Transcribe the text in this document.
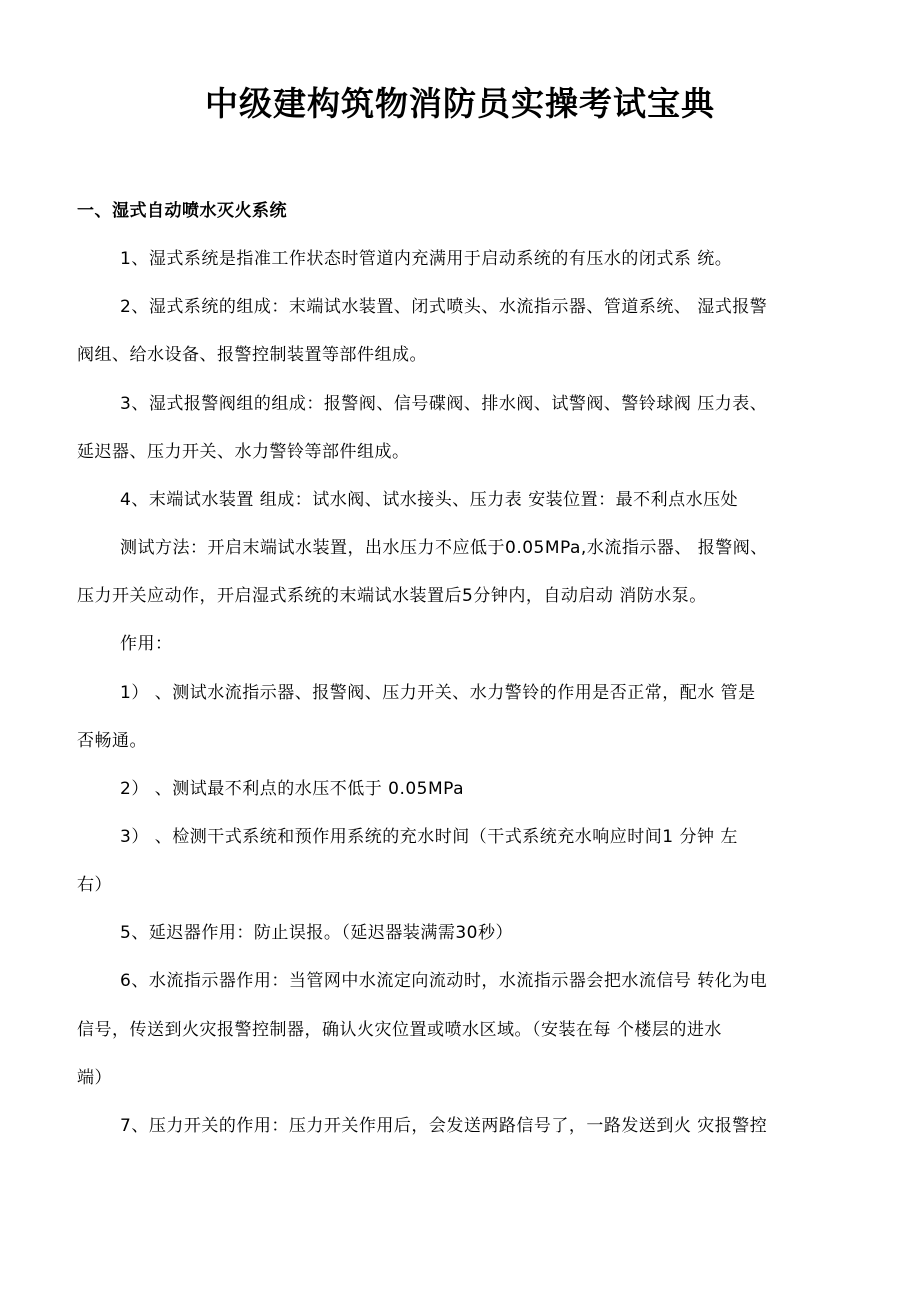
中级建构筑物消防员实操考试宝典
一、湿式自动喷水灭火系统
1、湿式系统是指准工作状态时管道内充满用于启动系统的有压水的闭式系 统。
2、湿式系统的组成：末端试水装置、闭式喷头、水流指示器、管道系统、 湿式报警
阀组、给水设备、报警控制装置等部件组成。
3、湿式报警阀组的组成：报警阀、信号碟阀、排水阀、试警阀、警铃球阀 压力表、
延迟器、压力开关、水力警铃等部件组成。
4、末端试水装置 组成：试水阀、试水接头、压力表 安装位置：最不利点水压处
测试方法：开启末端试水装置，出水压力不应低于0.05MPa,水流指示器、 报警阀、
压力开关应动作，开启湿式系统的末端试水装置后5分钟内，自动启动 消防水泵。
作用：
1） 、测试水流指示器、报警阀、压力开关、水力警铃的作用是否正常，配水 管是
否畅通。
2） 、测试最不利点的水压不低于 0.05MPa
3） 、检测干式系统和预作用系统的充水时间（干式系统充水响应时间1 分钟 左
右）
5、延迟器作用：防止误报。（延迟器装满需30秒）
6、水流指示器作用：当管网中水流定向流动时，水流指示器会把水流信号 转化为电
信号，传送到火灾报警控制器，确认火灾位置或喷水区域。（安装在每 个楼层的进水
端）
7、压力开关的作用：压力开关作用后，会发送两路信号了，一路发送到火 灾报警控
